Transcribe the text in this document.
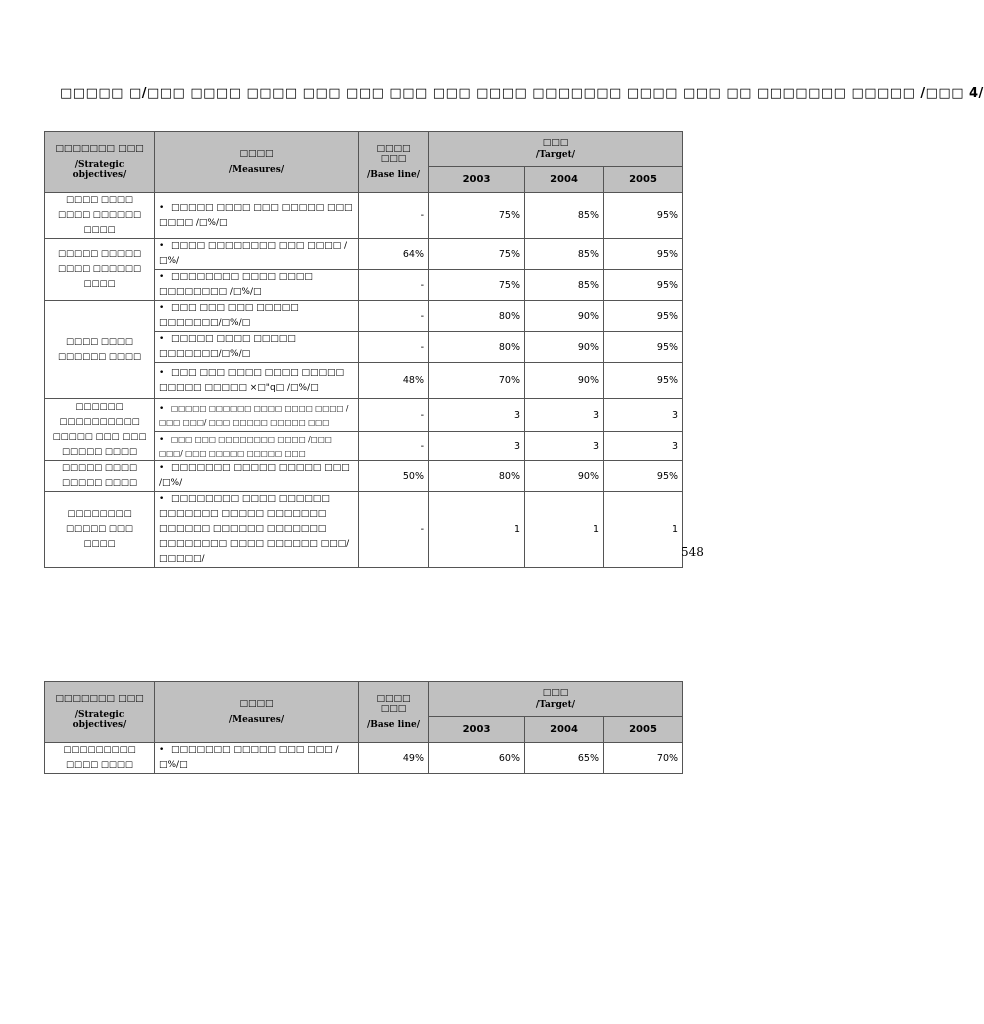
□□□□□ □/□□□ □□□□ □□□□ □□□ □□□ □□□ □□□ □□□□ □□□□□□□ □□□□ □□□ □□ □□□□□□□ □□□□□ /□□□ 4/
□□□□□□□ □□□
/Strategic objectives/	□□□□
/Measures/	□□□□ □□□
/Base line/	□□□
/Target/		

			2003	2004	2005
□□□□ □□□□ □□□□ □□□□□□ □□□□	• □□□□□ □□□□ □□□ □□□□□ □□□ □□□□ /□%/□	-	75%	85%	95%
□□□□□ □□□□□ □□□□ □□□□□□ □□□□	• □□□□ □□□□□□□□ □□□ □□□□ /□%/	64%	75%	85%	95%
	• □□□□□□□□ □□□□ □□□□ □□□□□□□□ /□%/□	-	75%	85%	95%
□□□□ □□□□ □□□□□□ □□□□	• □□□ □□□ □□□ □□□□□ □□□□□□□/□%/□	-	80%	90%	95%
	• □□□□□ □□□□ □□□□□ □□□□□□□/□%/□	-	80%	90%	95%
	• □□□ □□□ □□□□ □□□□ □□□□□ □□□□□ □□□□□ ×□"q□ /□%/□	48%	70%	90%	95%
□□□□□□ □□□□□□□□□□ □□□□□ □□□ □□□ □□□□□ □□□□	• □□□□□ □□□□□□ □□□□ □□□□ □□□□ /□□□ □□□/ □□□ □□□□□ □□□□□ □□□	-	3	3	3
	• □□□ □□□ □□□□□□□□ □□□□ /□□□ □□□/ □□□ □□□□□ □□□□□ □□□	-	3	3	3
□□□□□ □□□□ □□□□□ □□□□	• □□□□□□□ □□□□□ □□□□□ □□□ /□%/	50%	80%	90%	95%
□□□□□□□□ □□□□□ □□□ □□□□	• □□□□□□□□ □□□□ □□□□□□ □□□□□□□ □□□□□ □□□□□□□ □□□□□□ □□□□□□ □□□□□□□ □□□□□□□□ □□□□ □□□□□□ □□□/□□□□□/	-	1	1	1
548
□□□□□□□ □□□
/Strategic objectives/	□□□□
/Measures/	□□□□ □□□
/Base line/	□□□
/Target/		

			2003	2004	2005
□□□□□□□□□ □□□□ □□□□	• □□□□□□□ □□□□□ □□□ □□□ /□%/□	49%	60%	65%	70%
